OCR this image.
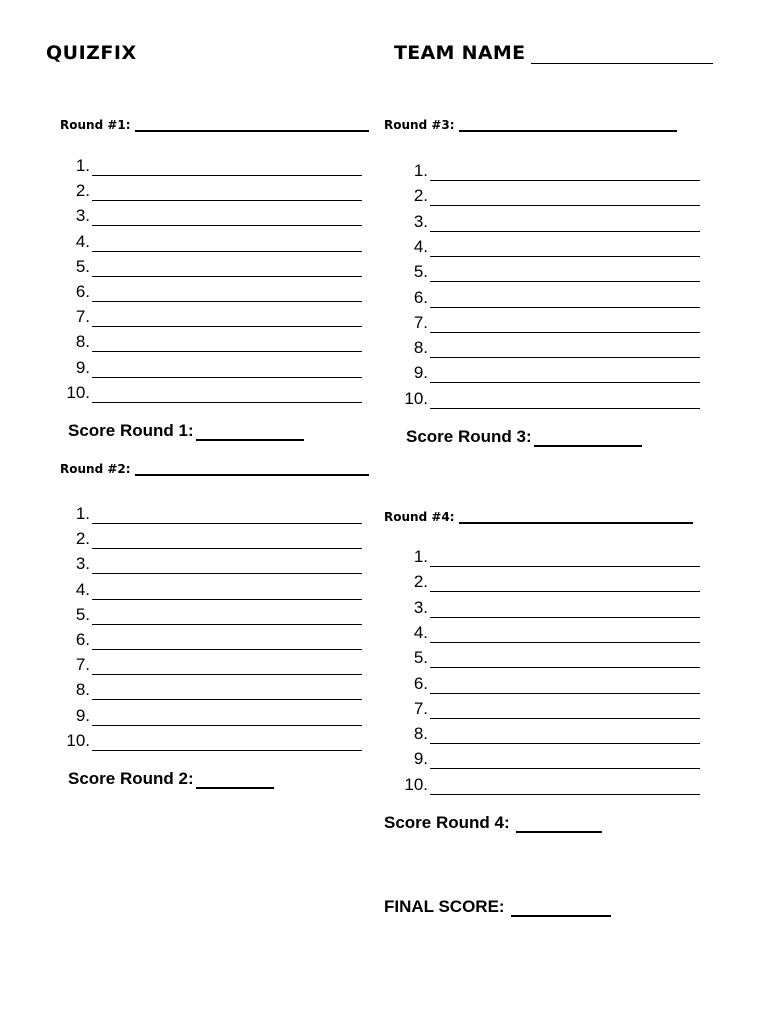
QUIZFIX	TEAM NAME
Round #1:
1.
2.
3.
4.
5.
6.
7.
8.
9.
10.
Score Round 1:
Round #2:
1.
2.
3.
4.
5.
6.
7.
8.
9.
10.
Score Round 2:
Round #3:
1.
2.
3.
4.
5.
6.
7.
8.
9.
10.
Score Round 3:
Round #4:
1.
2.
3.
4.
5.
6.
7.
8.
9.
10.
Score Round 4:
FINAL SCORE:
